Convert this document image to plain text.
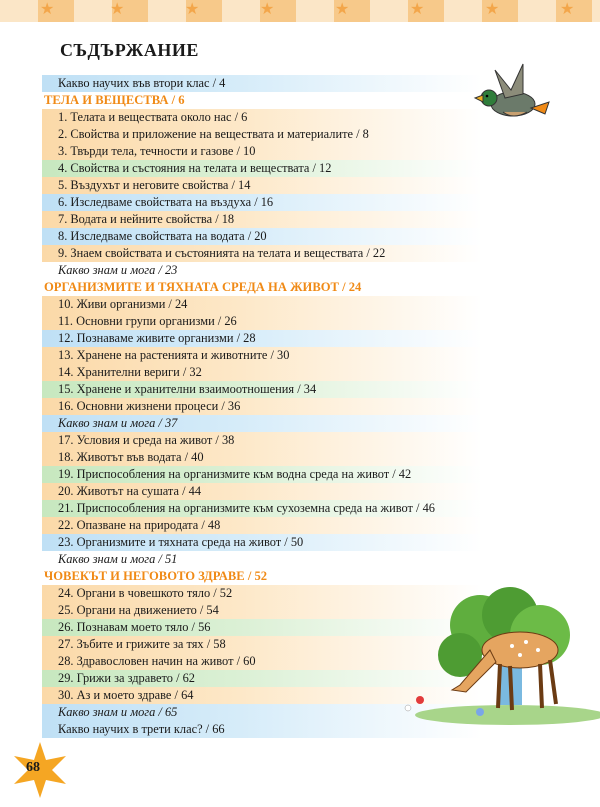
★	★	★	★	★	★	★	★
СЪДЪРЖАНИЕ
Какво научих във втори клас / 4
ТЕЛА И ВЕЩЕСТВА / 6
1. Телата и веществата около нас / 6
2. Свойства и приложение на веществата и материалите / 8
3. Твърди тела, течности и газове / 10
4. Свойства и състояния на телата и веществата / 12
5. Въздухът и неговите свойства / 14
6. Изследваме свойствата на въздуха / 16
7. Водата и нейните свойства / 18
8. Изследваме свойствата на водата / 20
9. Знаем свойствата и състоянията на телата и веществата / 22
Какво знам и мога / 23
ОРГАНИЗМИТЕ И ТЯХНАТА СРЕДА НА ЖИВОТ / 24
10. Живи организми / 24
11. Основни групи организми / 26
12. Познаваме живите организми / 28
13. Хранене на растенията и животните / 30
14. Хранителни вериги / 32
15. Хранене и хранителни взаимоотношения / 34
16. Основни жизнени процеси / 36
Какво знам и мога / 37
17. Условия и среда на живот / 38
18. Животът във водата / 40
19. Приспособления на организмите към водна среда на живот / 42
20. Животът на сушата / 44
21. Приспособления на организмите към сухоземна среда на живот / 46
22. Опазване на природата / 48
23. Организмите и тяхната среда на живот / 50
Какво знам и мога / 51
ЧОВЕКЪТ И НЕГОВОТО ЗДРАВЕ / 52
24. Органи в човешкото тяло / 52
25. Органи на движението / 54
26. Познавам моето тяло / 56
27. Зъбите и грижите за тях / 58
28. Здравословен начин на живот / 60
29. Грижи за здравето / 62
30. Аз и моето здраве / 64
Какво знам и мога / 65
Какво научих в трети клас? / 66
68
